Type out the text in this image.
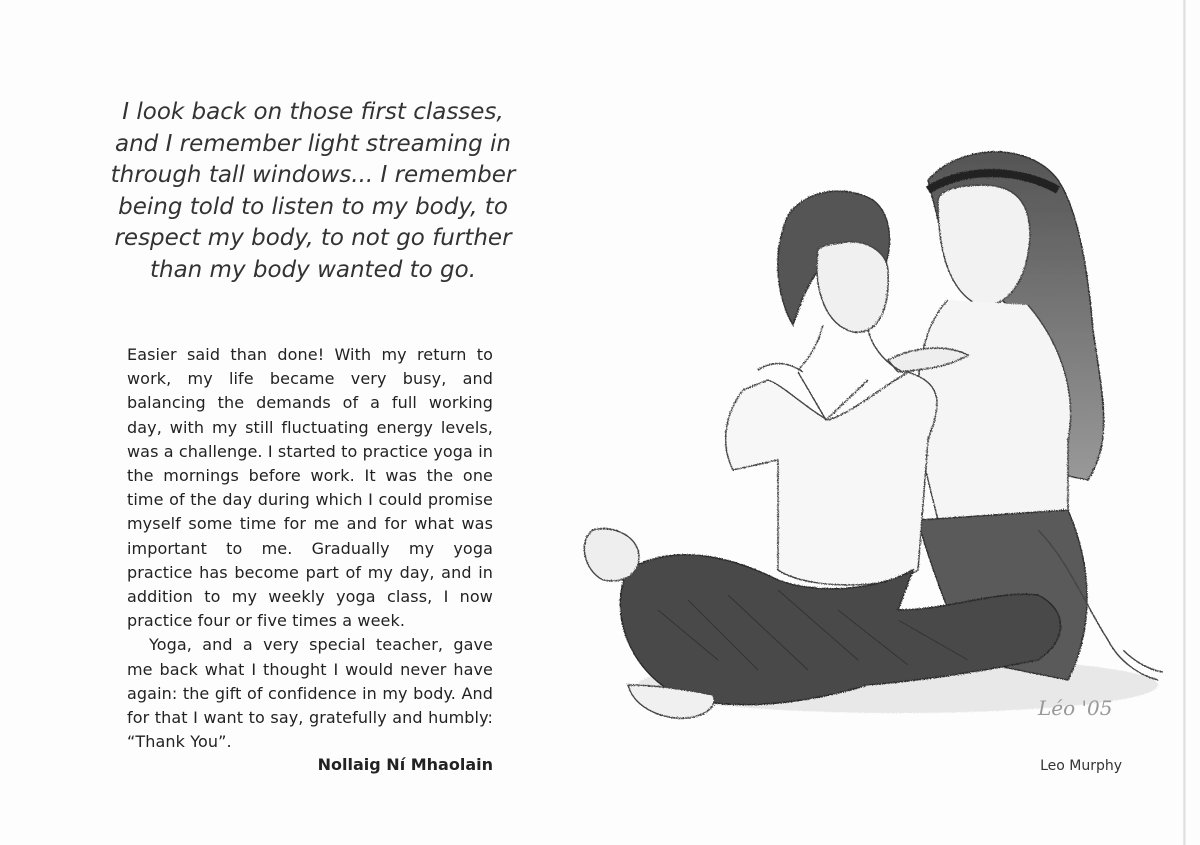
I look back on those first classes,
and I remember light streaming in
through tall windows... I remember
being told to listen to my body, to
respect my body, to not go further
than my body wanted to go.

Easier said than done! With my return to work, my life became very busy, and balancing the demands of a full working day, with my still fluctuating energy levels, was a challenge. I started to practice yoga in the mornings before work. It was the one time of the day during which I could promise myself some time for me and for what was important to me. Gradually my yoga practice has become part of my day, and in addition to my weekly yoga class, I now practice four or five times a week.

Yoga, and a very special teacher, gave me back what I thought I would never have again: the gift of confidence in my body. And for that I want to say, gratefully and humbly: “Thank You”.

Nollaig Ní Mhaolain
Léo '05
Leo Murphy
